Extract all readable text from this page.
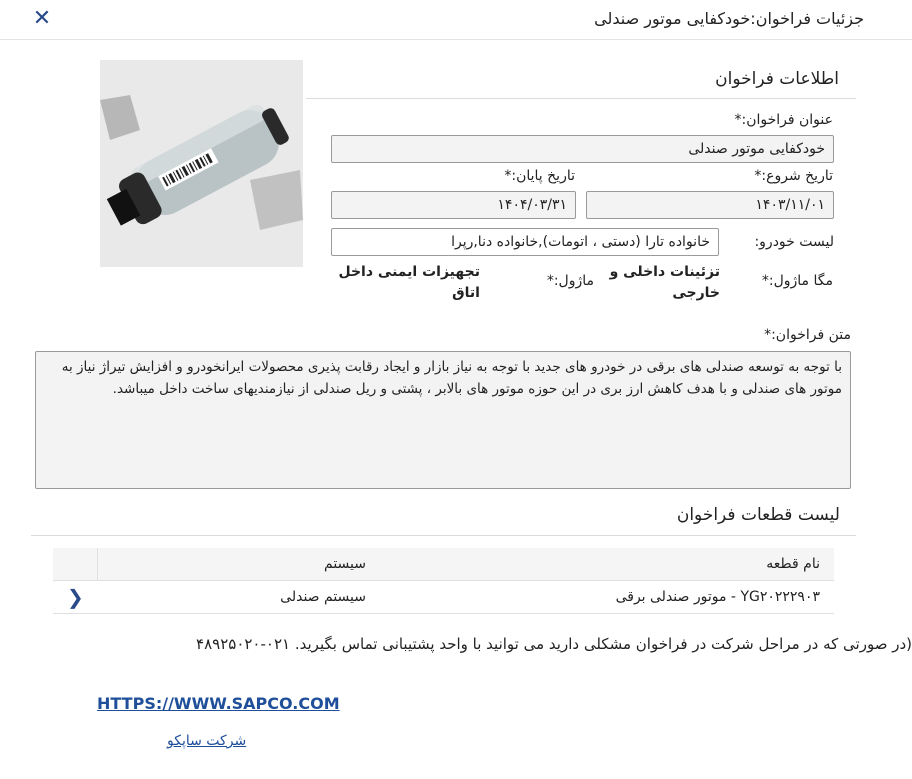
جزئیات فراخوان:خودکفایی موتور صندلی
✕
اطلاعات فراخوان
عنوان فراخوان:*
خودکفایی موتور صندلی
تاریخ شروع:*
۱۴۰۳/۱۱/۰۱
تاریخ پایان:*
۱۴۰۴/۰۳/۳۱
لیست خودرو:
خانواده تارا (دستی ، اتومات),خانواده دنا,رپرا
مگا ماژول:*
تزئینات داخلی و خارجی
ماژول:*
تجهیزات ایمنی داخل اتاق
متن فراخوان:*
با توجه به توسعه صندلی های برقی در خودرو های جدید با توجه به نیاز بازار و ایجاد رقابت پذیری محصولات ایرانخودرو و افزایش تیراژ نیاز به موتور های صندلی و با هدف کاهش ارز بری در این حوزه موتور های بالابر ، پشتی و ریل صندلی از نیازمندیهای ساخت داخل میباشد.
لیست قطعات فراخوان
نام قطعه
سیستم
YG۲۰۲۲۲۹۰۳ - موتور صندلی برقی
سیستم صندلی
❯
(در صورتی که در مراحل شرکت در فراخوان مشکلی دارید می توانید با واحد پشتیبانی تماس بگیرید. ۰۲۱-۴۸۹۲۵۰۲۰
HTTPS://WWW.SAPCO.COM
شرکت ساپکو
